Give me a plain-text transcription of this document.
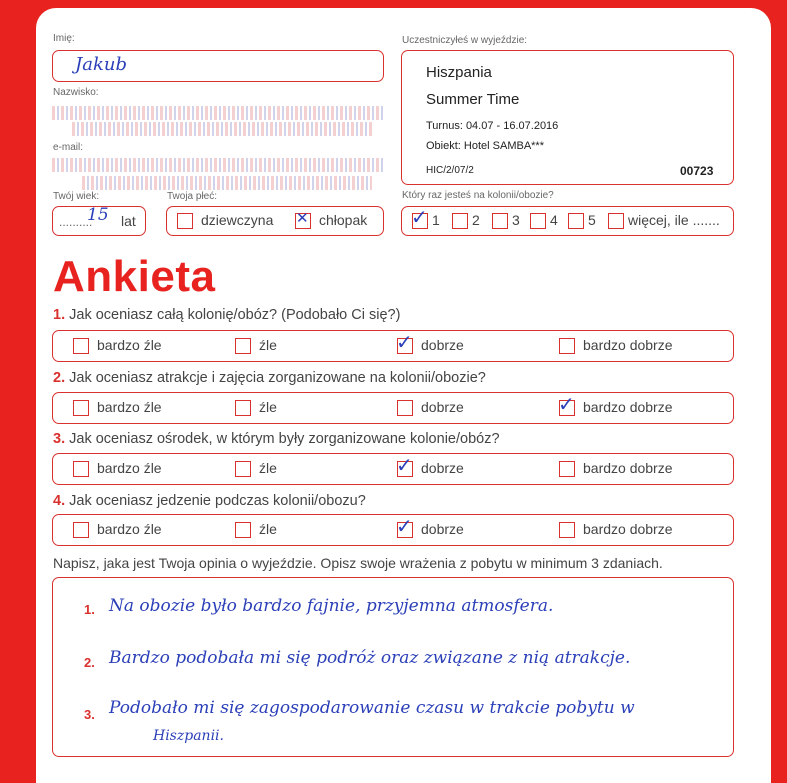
Imię:
Jakub
Nazwisko:
e-mail:
Twój wiek:
..........
15 lat
Twoja płeć:
dziewczyna ✕ chłopak
Uczestniczyłeś w wyjeździe:
Hiszpania
Summer Time
Turnus: 04.07 - 16.07.2016
Obiekt: Hotel SAMBA***
HIC/2/07/2	00723
Który raz jesteś na kolonii/obozie?
✓ 1 2 3 4 5 więcej, ile .......
Ankieta
1. Jak oceniasz całą kolonię/obóz? (Podobało Ci się?)
bardzo źle	źle	✓ dobrze	bardzo dobrze
2. Jak oceniasz atrakcje i zajęcia zorganizowane na kolonii/obozie?
bardzo źle	źle	dobrze	✓ bardzo dobrze
3. Jak oceniasz ośrodek, w którym były zorganizowane kolonie/obóz?
bardzo źle	źle	✓ dobrze	bardzo dobrze
4. Jak oceniasz jedzenie podczas kolonii/obozu?
bardzo źle	źle	✓ dobrze	bardzo dobrze
Napisz, jaka jest Twoja opinia o wyjeździe. Opisz swoje wrażenia z pobytu w minimum 3 zdaniach.
1. Na obozie było bardzo fajnie, przyjemna atmosfera.
2. Bardzo podobała mi się podróż oraz związane z nią atrakcje.
3. Podobało mi się zagospodarowanie czasu w trakcie pobytu w
Hiszpanii.
